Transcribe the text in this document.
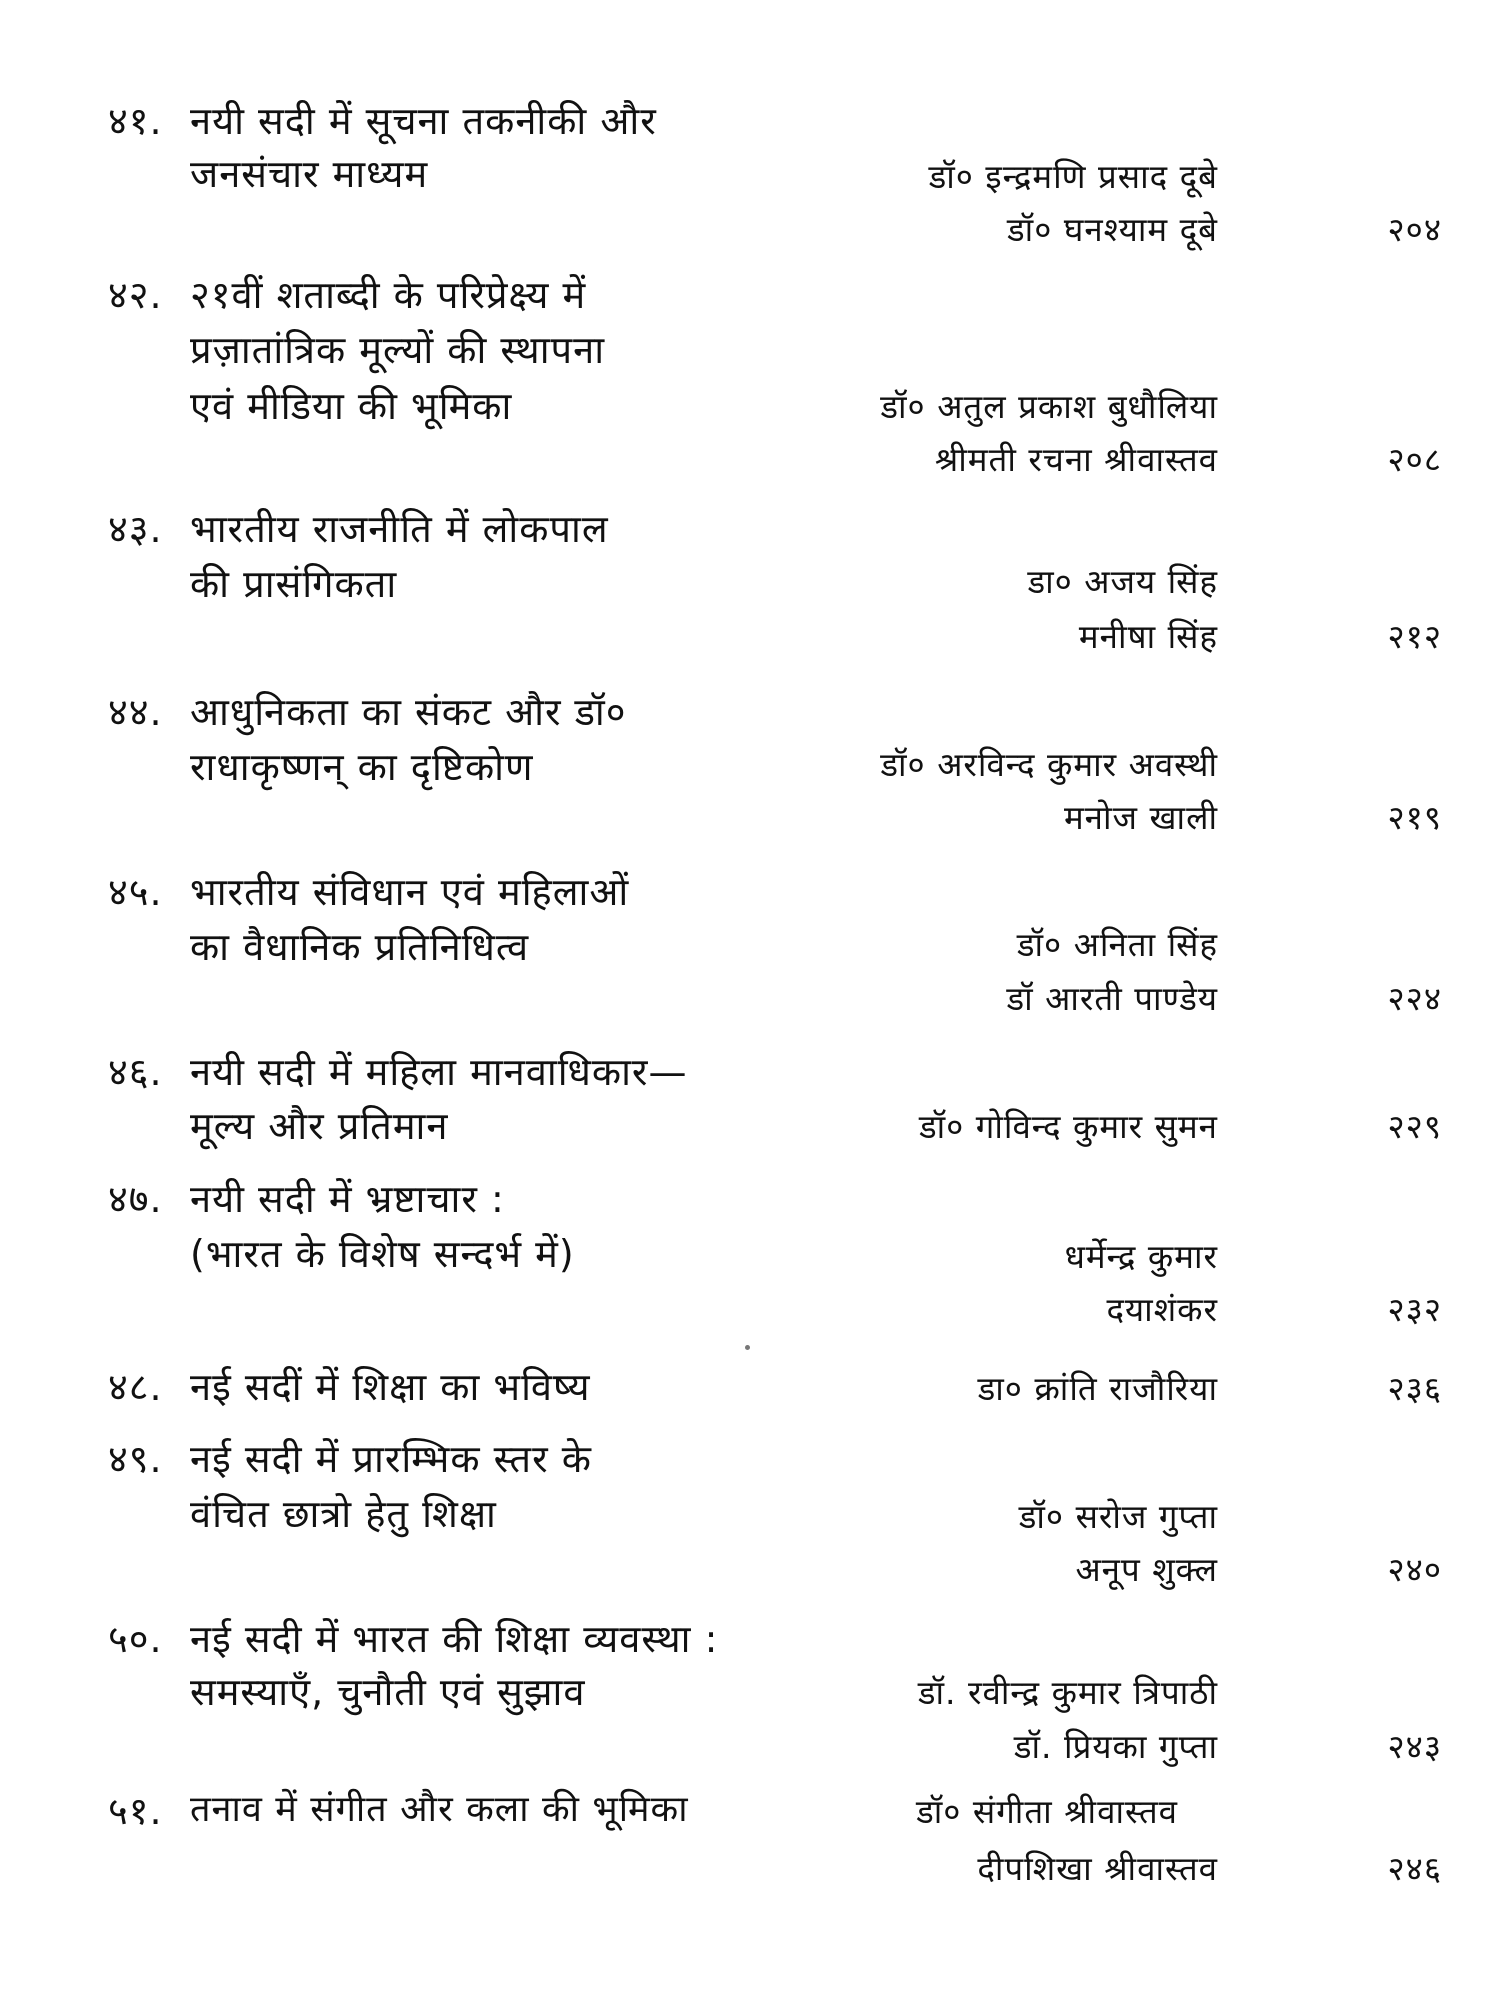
४१. नयी सदी में सूचना तकनीकी और
जनसंचार माध्यम	डॉ० इन्द्रमणि प्रसाद दूबे
डॉ० घनश्याम दूबे	२०४
४२. २१वीं शताब्दी के परिप्रेक्ष्य में
प्रज़ातांत्रिक मूल्यों की स्थापना
एवं मीडिया की भूमिका	डॉ० अतुल प्रकाश बुधौलिया
श्रीमती रचना श्रीवास्तव	२०८
४३. भारतीय राजनीति में लोकपाल
की प्रासंगिकता	डा० अजय सिंह
मनीषा सिंह	२१२
४४. आधुनिकता का संकट और डॉ०
राधाकृष्णन् का दृष्टिकोण	डॉ० अरविन्द कुमार अवस्थी
मनोज खाली	२१९
४५. भारतीय संविधान एवं महिलाओं
का वैधानिक प्रतिनिधित्व	डॉ० अनिता सिंह
डॉ आरती पाण्डेय	२२४
४६. नयी सदी में महिला मानवाधिकार—
मूल्य और प्रतिमान	डॉ० गोविन्द कुमार सुमन	२२९
४७. नयी सदी में भ्रष्टाचार :
(भारत के विशेष सन्दर्भ में)	धर्मेन्द्र कुमार
दयाशंकर	२३२
४८. नई सदीं में शिक्षा का भविष्य	डा० क्रांति राजौरिया	२३६
४९. नई सदी में प्रारम्भिक स्तर के
वंचित छात्रो हेतु शिक्षा	डॉ० सरोज गुप्ता
अनूप शुक्ल	२४०
५०. नई सदी में भारत की शिक्षा व्यवस्था :
समस्याएँ, चुनौती एवं सुझाव	डॉ. रवीन्द्र कुमार त्रिपाठी
डॉ. प्रियका गुप्ता	२४३
५१. तनाव में संगीत और कला की भूमिका	डॉ० संगीता श्रीवास्तव
दीपशिखा श्रीवास्तव	२४६
